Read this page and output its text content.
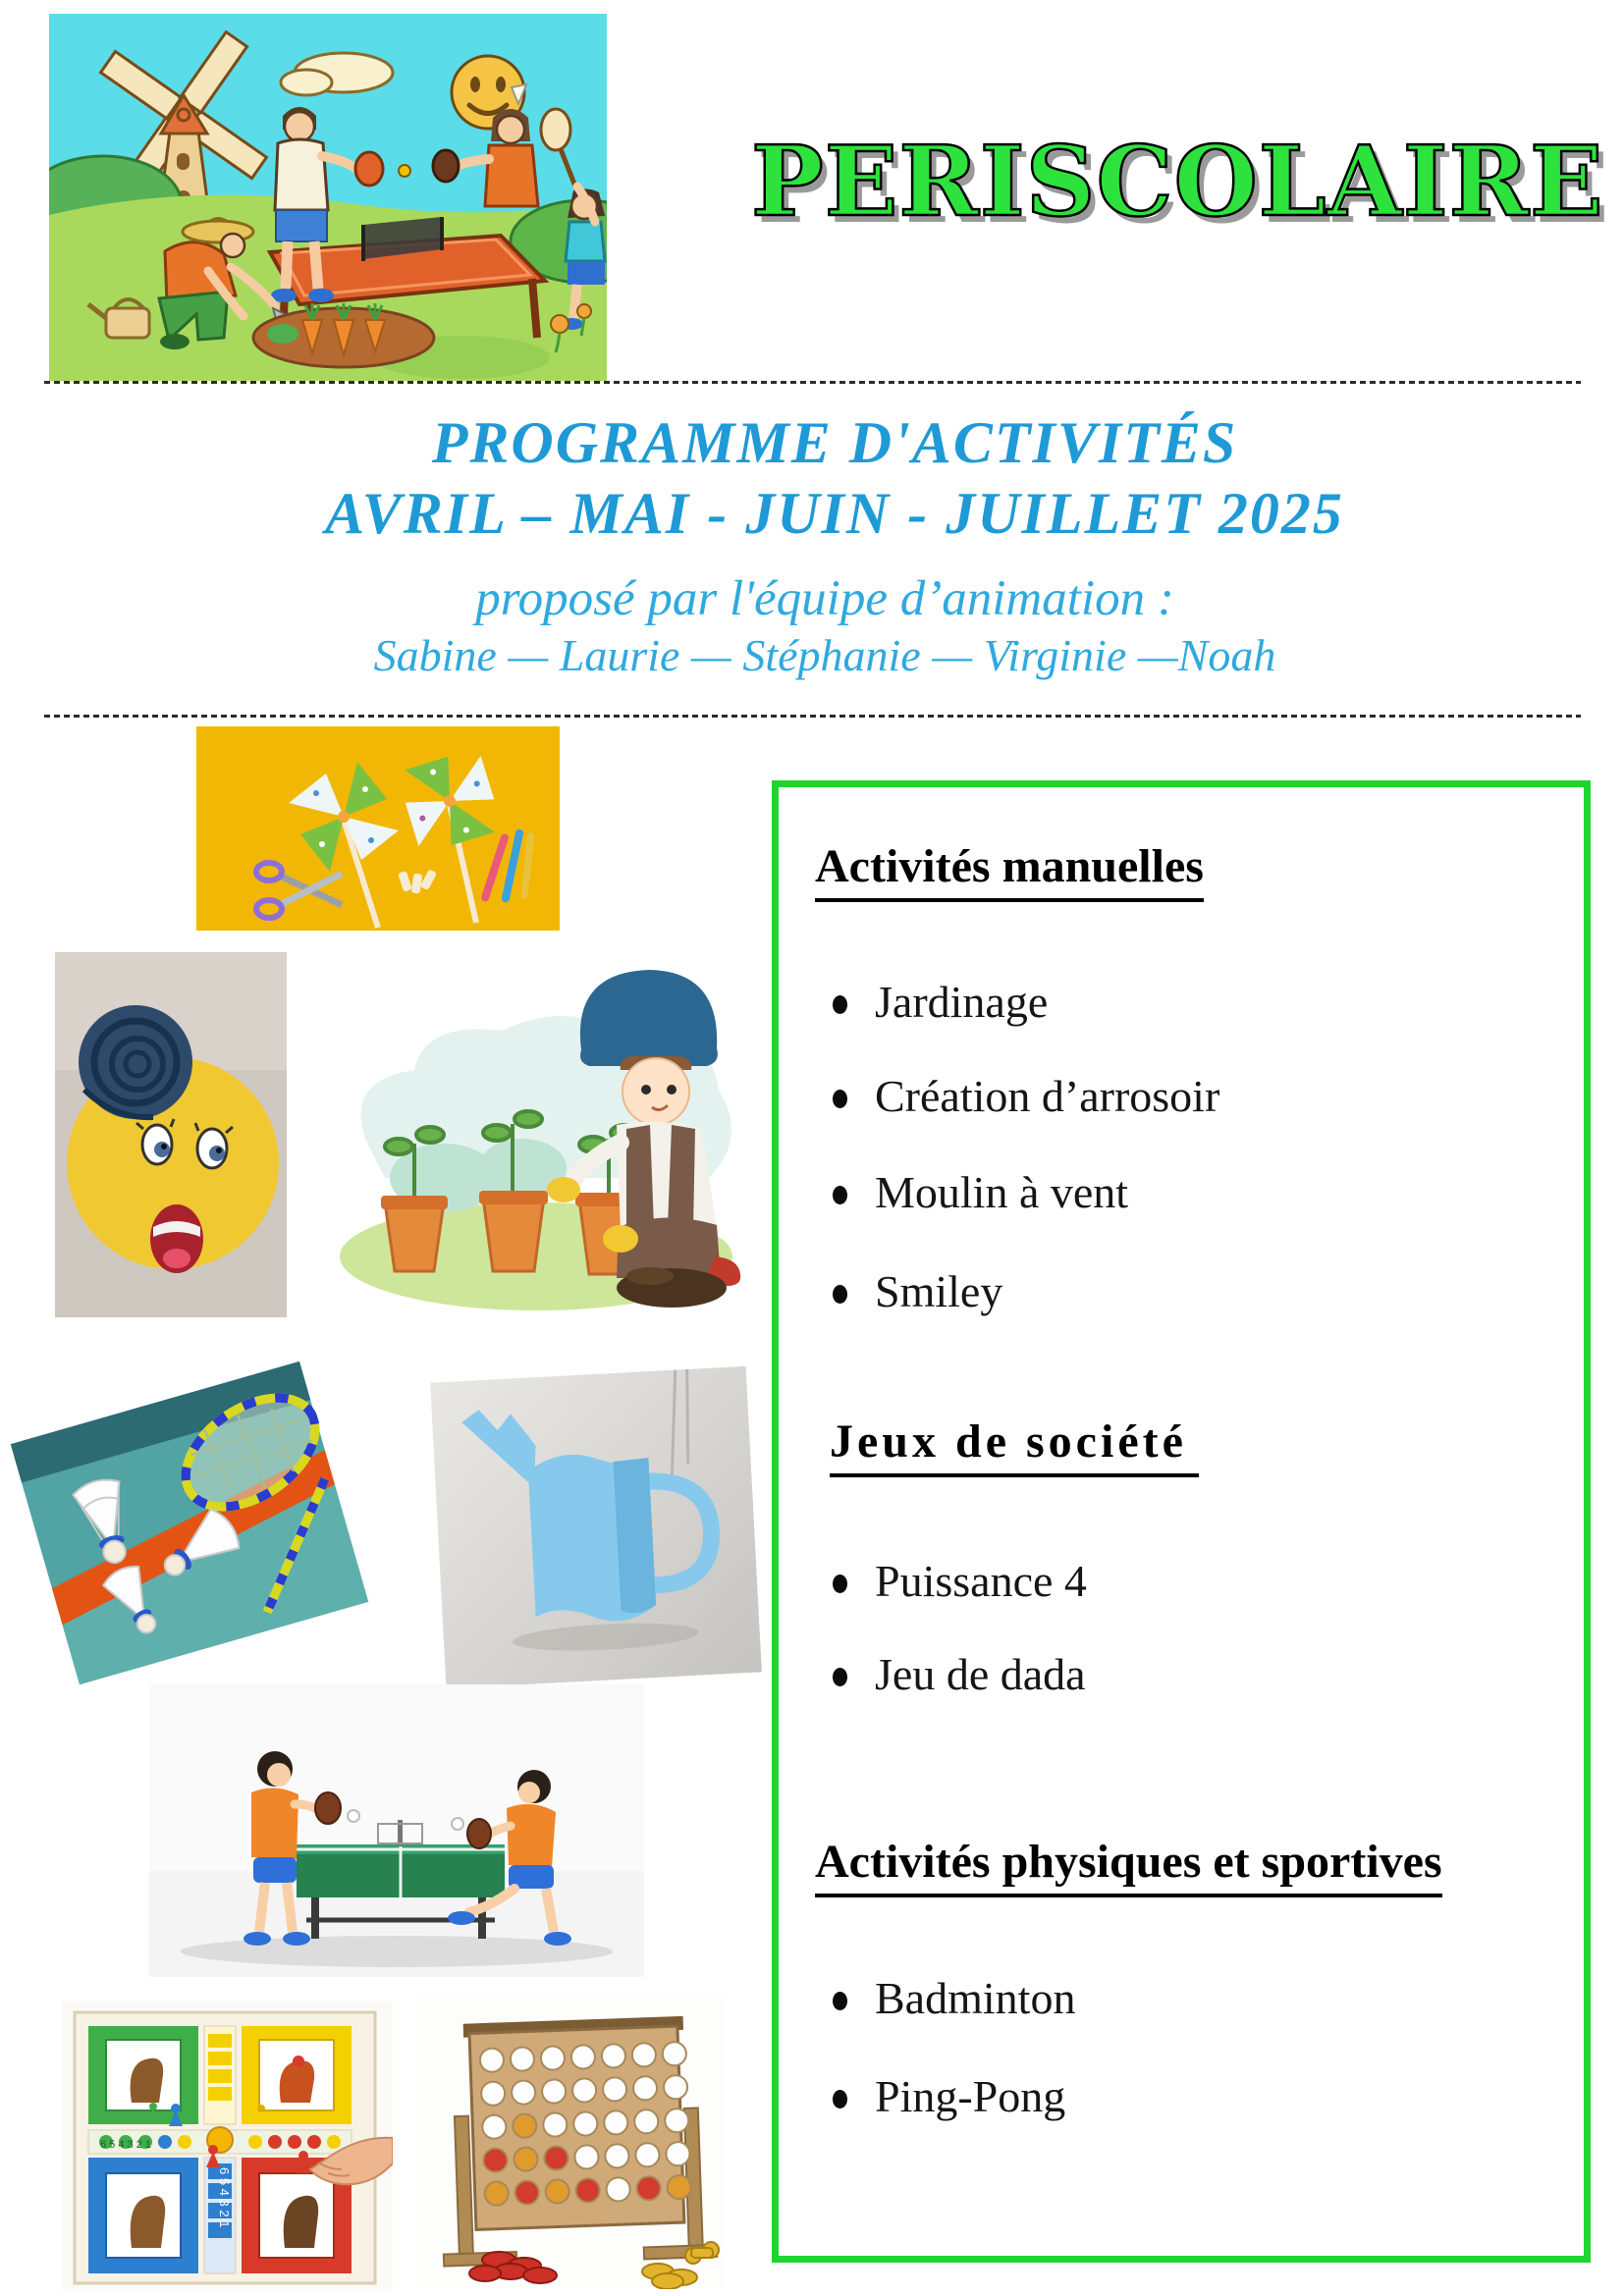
PERISCOLAIRE
PROGRAMME D'ACTIVITÉS
AVRIL – MAI - JUIN - JUILLET 2025
proposé par l'équipe d’animation :
Sabine — Laurie — Stéphanie — Virginie —Noah
Activités manuelles
Jardinage
Création d’arrosoir
Moulin à vent
Smiley
Jeux de société
Puissance 4
Jeu de dada
Activités physiques et sportives
Badminton
Ping-Pong
6 5 4 3 2 1
6 5 4 3 2 1
